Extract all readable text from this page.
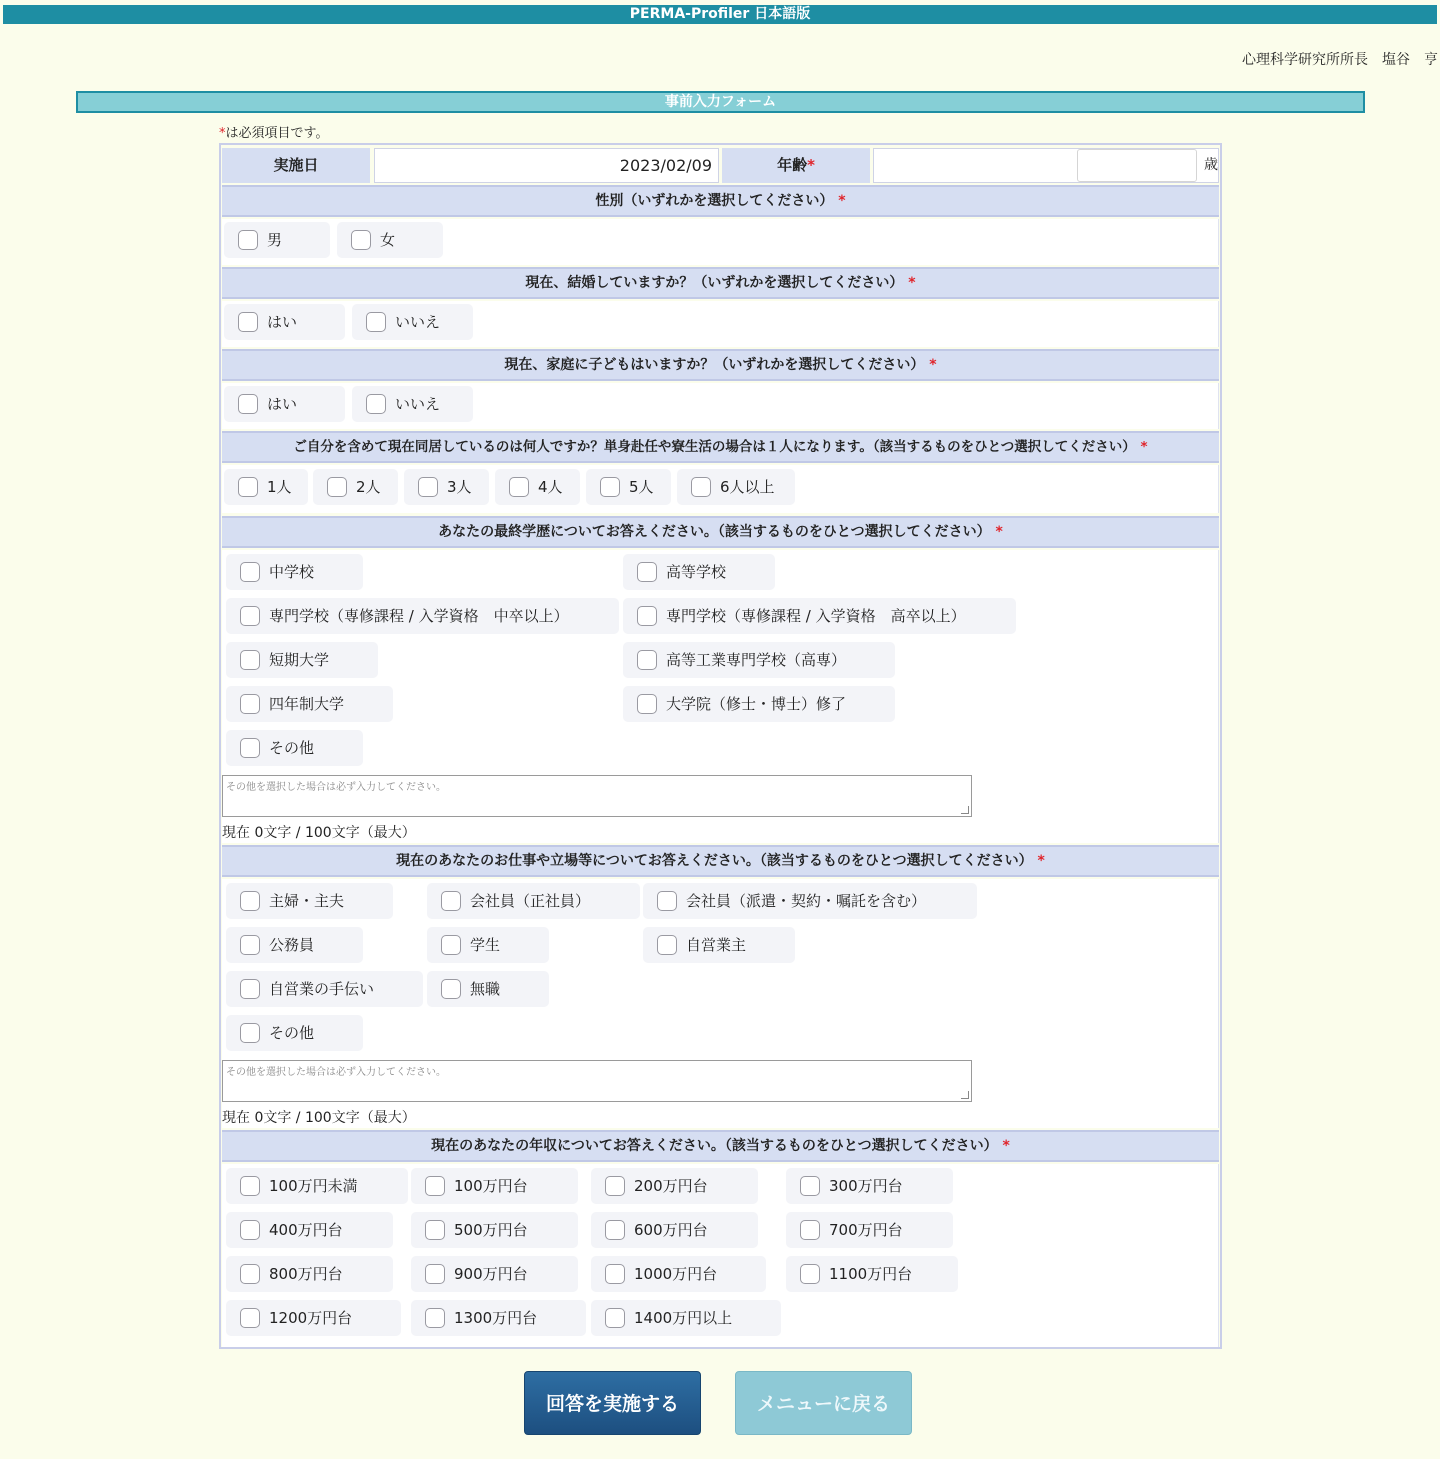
PERMA-Profiler 日本語版
心理科学研究所所長　塩谷　亨
事前入力フォーム
*は必須項目です。
実施日	2023/02/09	年齢*	歳
性別（いずれかを選択してください） *
男	女
現在、結婚していますか？（いずれかを選択してください） *
はい	いいえ
現在、家庭に子どもはいますか？（いずれかを選択してください） *
はい	いいえ
ご自分を含めて現在同居しているのは何人ですか？単身赴任や寮生活の場合は１人になります。（該当するものをひとつ選択してください） *
1人	2人	3人	4人	5人	6人以上
あなたの最終学歴についてお答えください。（該当するものをひとつ選択してください） *
中学校	高等学校
専門学校（専修課程 / 入学資格　中卒以上）	専門学校（専修課程 / 入学資格　高卒以上）
短期大学	高等工業専門学校（高専）
四年制大学	大学院（修士・博士）修了
その他
その他を選択した場合は必ず入力してください。
現在 0文字 / 100文字（最大）
現在のあなたのお仕事や立場等についてお答えください。（該当するものをひとつ選択してください） *
主婦・主夫	会社員（正社員）	会社員（派遣・契約・嘱託を含む）
公務員	学生	自営業主
自営業の手伝い	無職
その他
その他を選択した場合は必ず入力してください。
現在 0文字 / 100文字（最大）
現在のあなたの年収についてお答えください。（該当するものをひとつ選択してください） *
100万円未満	100万円台	200万円台	300万円台
400万円台	500万円台	600万円台	700万円台
800万円台	900万円台	1000万円台	1100万円台
1200万円台	1300万円台	1400万円以上
回答を実施する	メニューに戻る
